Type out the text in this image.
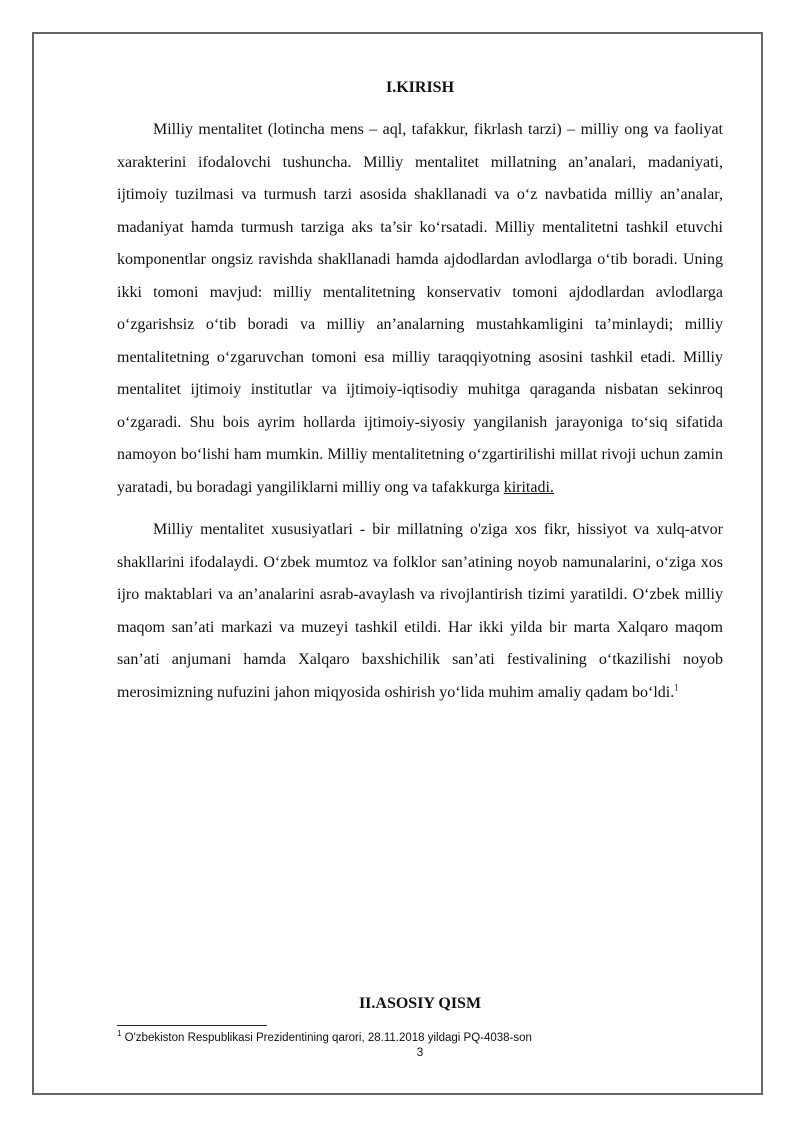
I.KIRISH

Milliy mentalitet (lotincha mens – aql, tafakkur, fikrlash tarzi) – milliy ong va faoliyat xarakterini ifodalovchi tushuncha. Milliy mentalitet millatning an’analari, madaniyati, ijtimoiy tuzilmasi va turmush tarzi asosida shakllanadi va o‘z navbatida milliy an’analar, madaniyat hamda turmush tarziga aks ta’sir ko‘rsatadi. Milliy mentalitetni tashkil etuvchi komponentlar ongsiz ravishda shakllanadi hamda ajdodlardan avlodlarga o‘tib boradi. Uning ikki tomoni mavjud: milliy mentalitetning konservativ tomoni ajdodlardan avlodlarga o‘zgarishsiz o‘tib boradi va milliy an’analarning mustahkamligini ta’minlaydi; milliy mentalitetning o‘zgaruvchan tomoni esa milliy taraqqiyotning asosini tashkil etadi. Milliy mentalitet ijtimoiy institutlar va ijtimoiy-iqtisodiy muhitga qaraganda nisbatan sekinroq o‘zgaradi. Shu bois ayrim hollarda ijtimoiy-siyosiy yangilanish jarayoniga to‘siq sifatida namoyon bo‘lishi ham mumkin. Milliy mentalitetning o‘zgartirilishi millat rivoji uchun zamin yaratadi, bu boradagi yangiliklarni milliy ong va tafakkurga kiritadi.

Milliy mentalitet xususiyatlari - bir millatning o'ziga xos fikr, hissiyot va xulq-atvor shakllarini ifodalaydi. O‘zbek mumtoz va folklor san’atining noyob namunalarini, o‘ziga xos ijro maktablari va an’analarini asrab-avaylash va rivojlantirish tizimi yaratildi. O‘zbek milliy maqom san’ati markazi va muzeyi tashkil etildi. Har ikki yilda bir marta Xalqaro maqom san’ati anjumani hamda Xalqaro baxshichilik san’ati festivalining o‘tkazilishi noyob merosimizning nufuzini jahon miqyosida oshirish yo‘lida muhim amaliy qadam bo‘ldi.$^1$

II.ASOSIY QISM
$^1$ O'zbekiston Respublikasi Prezidentining qarori, 28.11.2018 yildagi PQ-4038-son
3
